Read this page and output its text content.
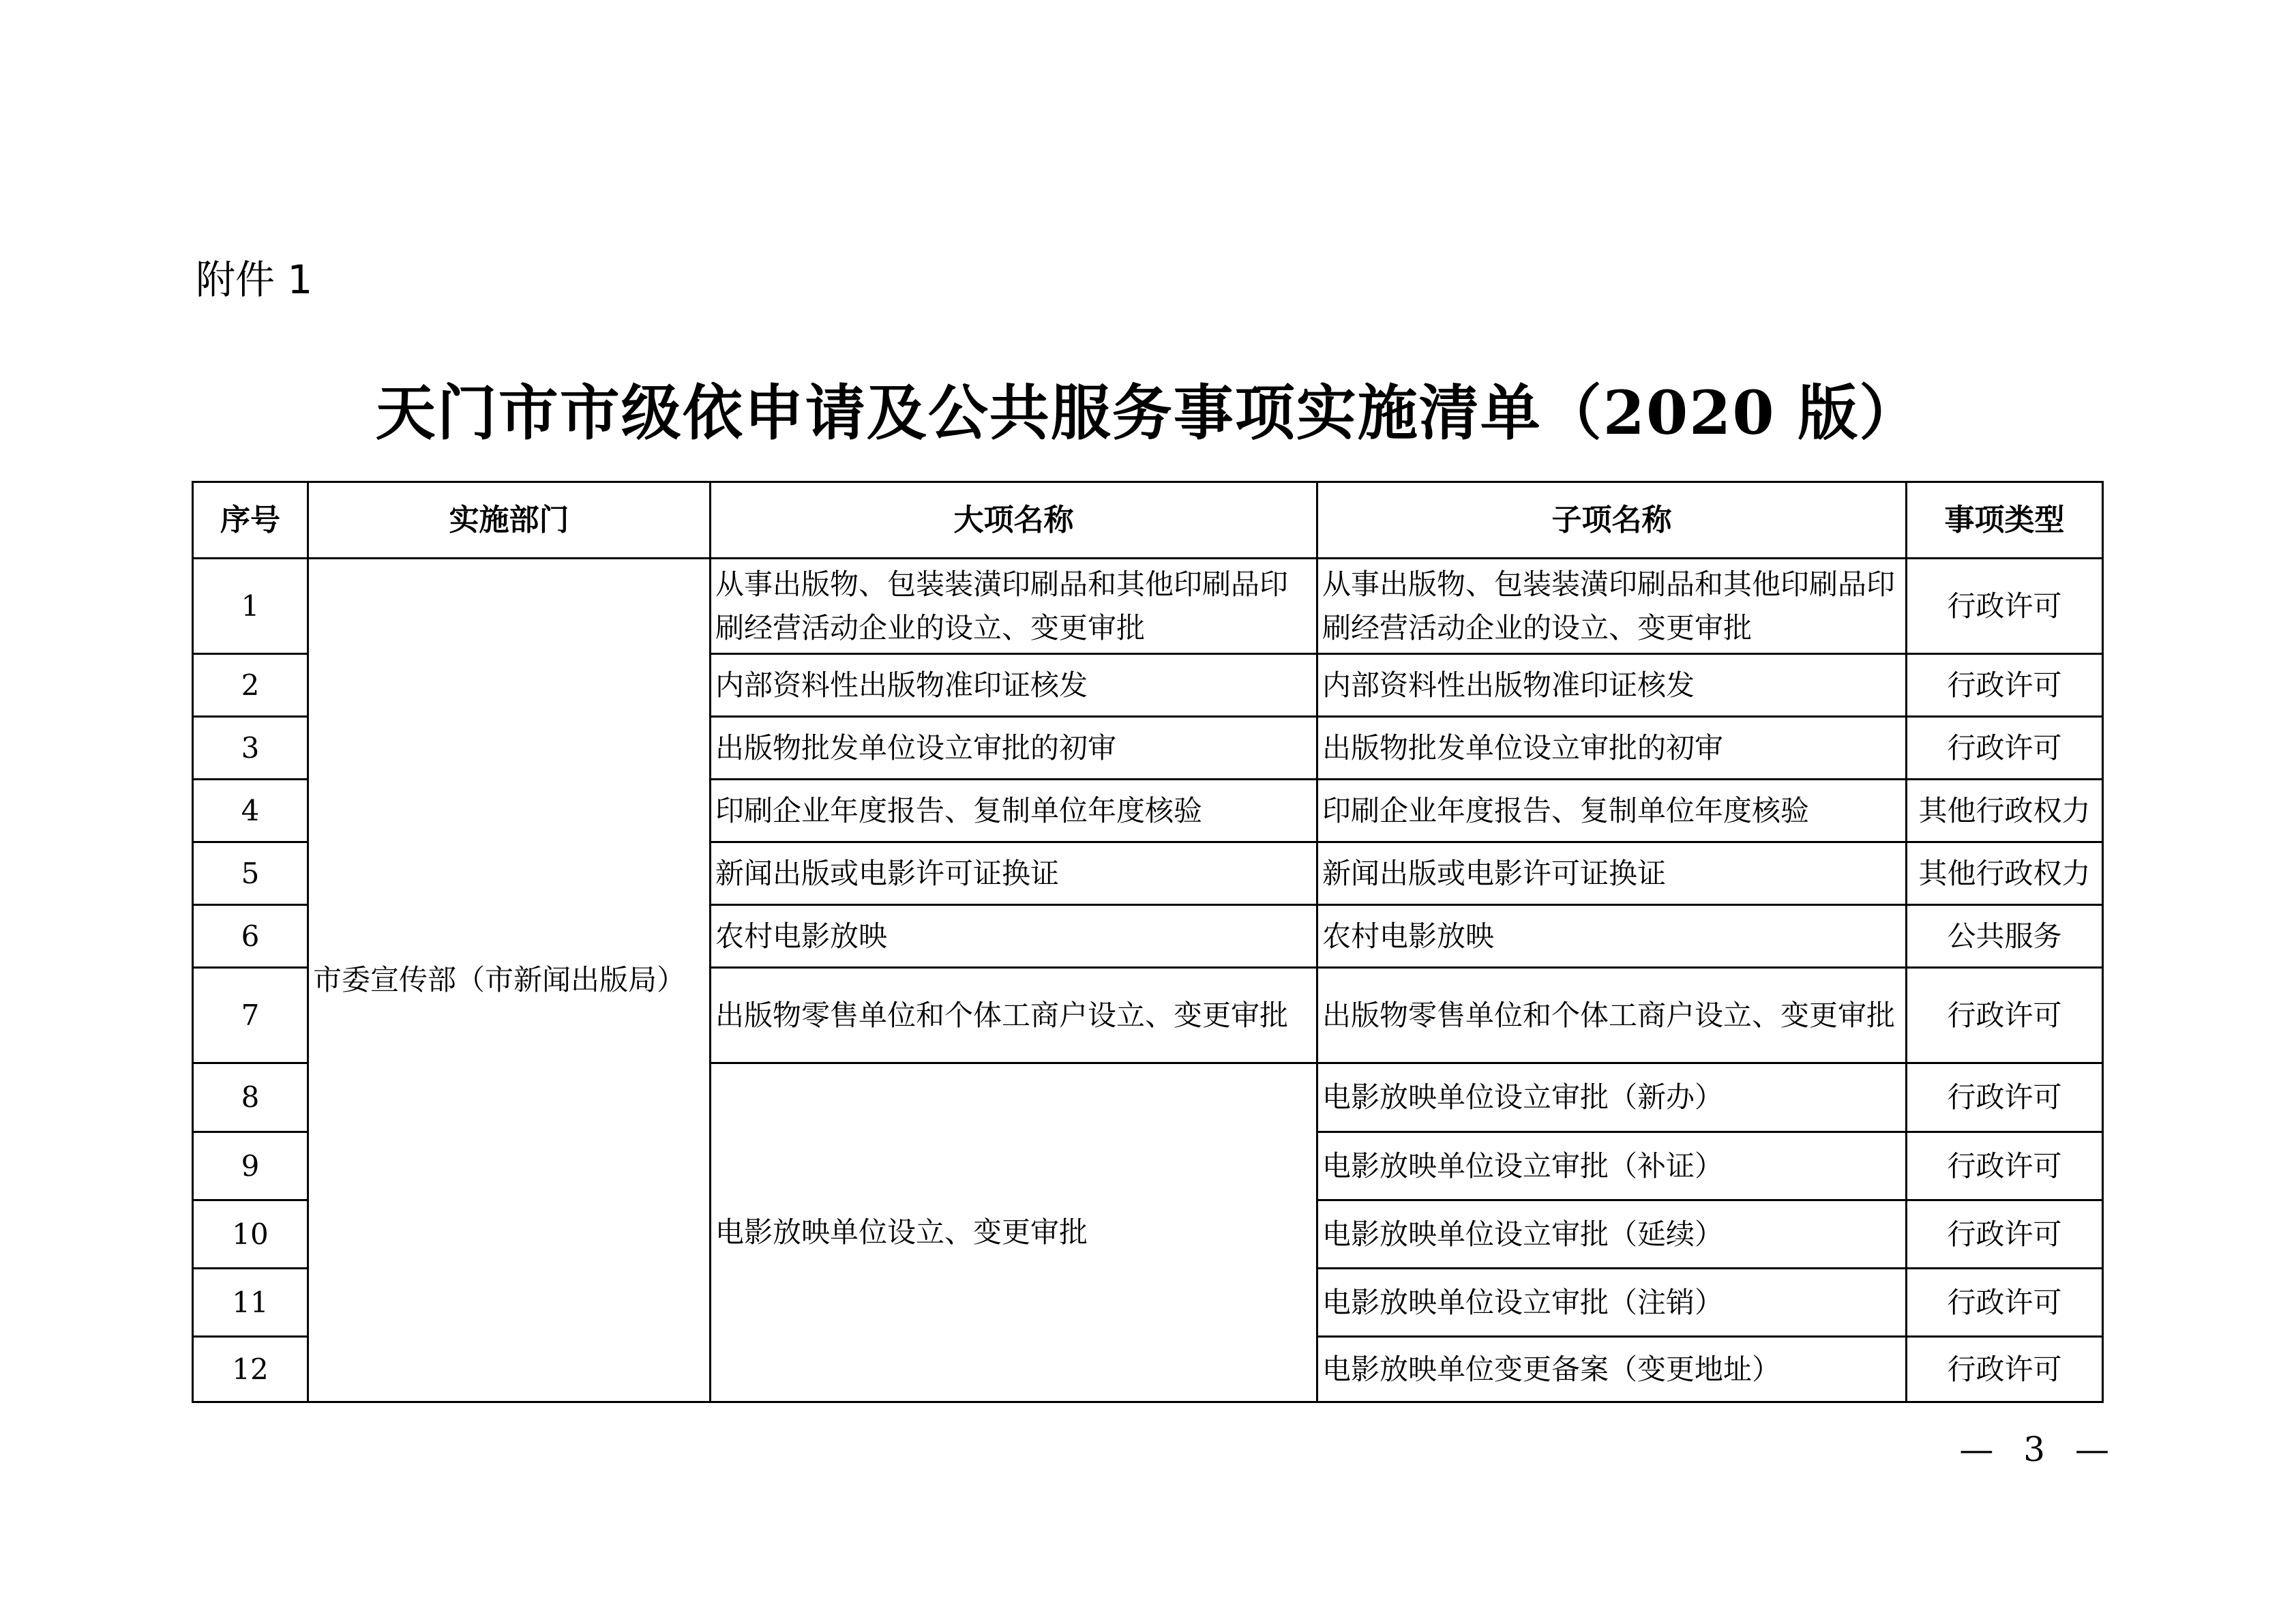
附件 1
天门市市级依申请及公共服务事项实施清单（2020 版）
序号	实施部门	大项名称	子项名称	事项类型
1	市委宣传部（市新闻出版局）	从事出版物、包装装潢印刷品和其他印刷品印刷经营活动企业的设立、变更审批	从事出版物、包装装潢印刷品和其他印刷品印刷经营活动企业的设立、变更审批	行政许可
2		内部资料性出版物准印证核发	内部资料性出版物准印证核发	行政许可
3		出版物批发单位设立审批的初审	出版物批发单位设立审批的初审	行政许可
4		印刷企业年度报告、复制单位年度核验	印刷企业年度报告、复制单位年度核验	其他行政权力
5		新闻出版或电影许可证换证	新闻出版或电影许可证换证	其他行政权力
6		农村电影放映	农村电影放映	公共服务
7		出版物零售单位和个体工商户设立、变更审批	出版物零售单位和个体工商户设立、变更审批	行政许可
8		电影放映单位设立、变更审批	电影放映单位设立审批（新办）	行政许可
9			电影放映单位设立审批（补证）	行政许可
10			电影放映单位设立审批（延续）	行政许可
11			电影放映单位设立审批（注销）	行政许可
12			电影放映单位变更备案（变更地址）	行政许可
— 3 —
